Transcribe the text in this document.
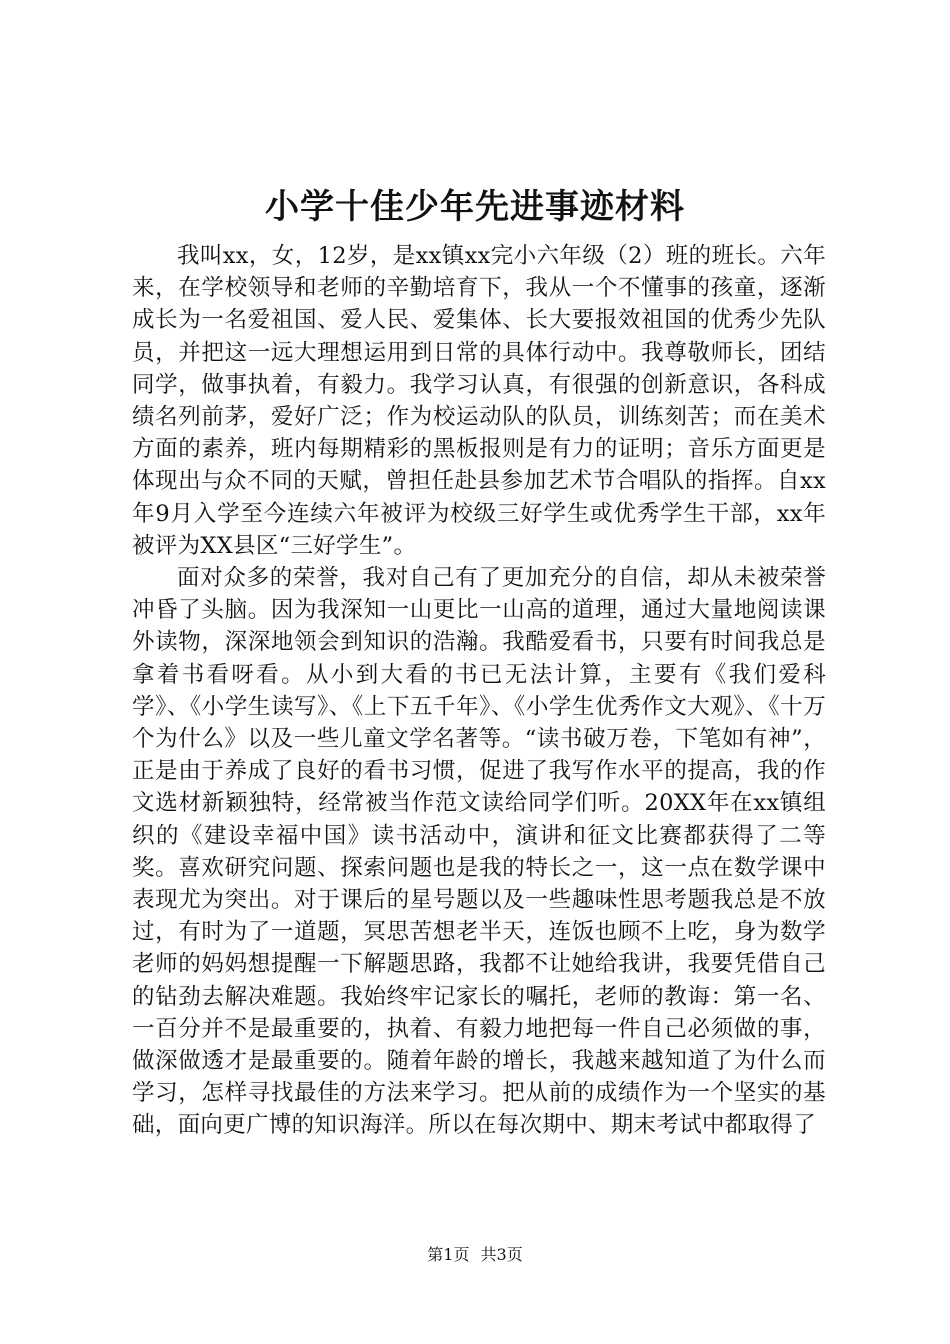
小学十佳少年先进事迹材料

我叫xx，女，12岁，是xx镇xx完小六年级（2）班的班长。六年来，在学校领导和老师的辛勤培育下，我从一个不懂事的孩童，逐渐成长为一名爱祖国、爱人民、爱集体、长大要报效祖国的优秀少先队员，并把这一远大理想运用到日常的具体行动中。我尊敬师长，团结同学，做事执着，有毅力。我学习认真，有很强的创新意识，各科成绩名列前茅，爱好广泛；作为校运动队的队员，训练刻苦；而在美术方面的素养，班内每期精彩的黑板报则是有力的证明；音乐方面更是体现出与众不同的天赋，曾担任赴县参加艺术节合唱队的指挥。自xx年9月入学至今连续六年被评为校级三好学生或优秀学生干部，xx年被评为XX县区“三好学生”。

面对众多的荣誉，我对自己有了更加充分的自信，却从未被荣誉冲昏了头脑。因为我深知一山更比一山高的道理，通过大量地阅读课外读物，深深地领会到知识的浩瀚。我酷爱看书，只要有时间我总是拿着书看呀看。从小到大看的书已无法计算，主要有《我们爱科学》、《小学生读写》、《上下五千年》、《小学生优秀作文大观》、《十万个为什么》以及一些儿童文学名著等。“读书破万卷，下笔如有神”，正是由于养成了良好的看书习惯，促进了我写作水平的提高，我的作文选材新颖独特，经常被当作范文读给同学们听。20XX年在xx镇组织的《建设幸福中国》读书活动中，演讲和征文比赛都获得了二等奖。喜欢研究问题、探索问题也是我的特长之一，这一点在数学课中表现尤为突出。对于课后的星号题以及一些趣味性思考题我总是不放过，有时为了一道题，冥思苦想老半天，连饭也顾不上吃，身为数学老师的妈妈想提醒一下解题思路，我都不让她给我讲，我要凭借自己的钻劲去解决难题。我始终牢记家长的嘱托，老师的教诲：第一名、一百分并不是最重要的，执着、有毅力地把每一件自己必须做的事，做深做透才是最重要的。随着年龄的增长，我越来越知道了为什么而学习，怎样寻找最佳的方法来学习。把从前的成绩作为一个坚实的基础，面向更广博的知识海洋。所以在每次期中、期末考试中都取得了

第1页 共3页
